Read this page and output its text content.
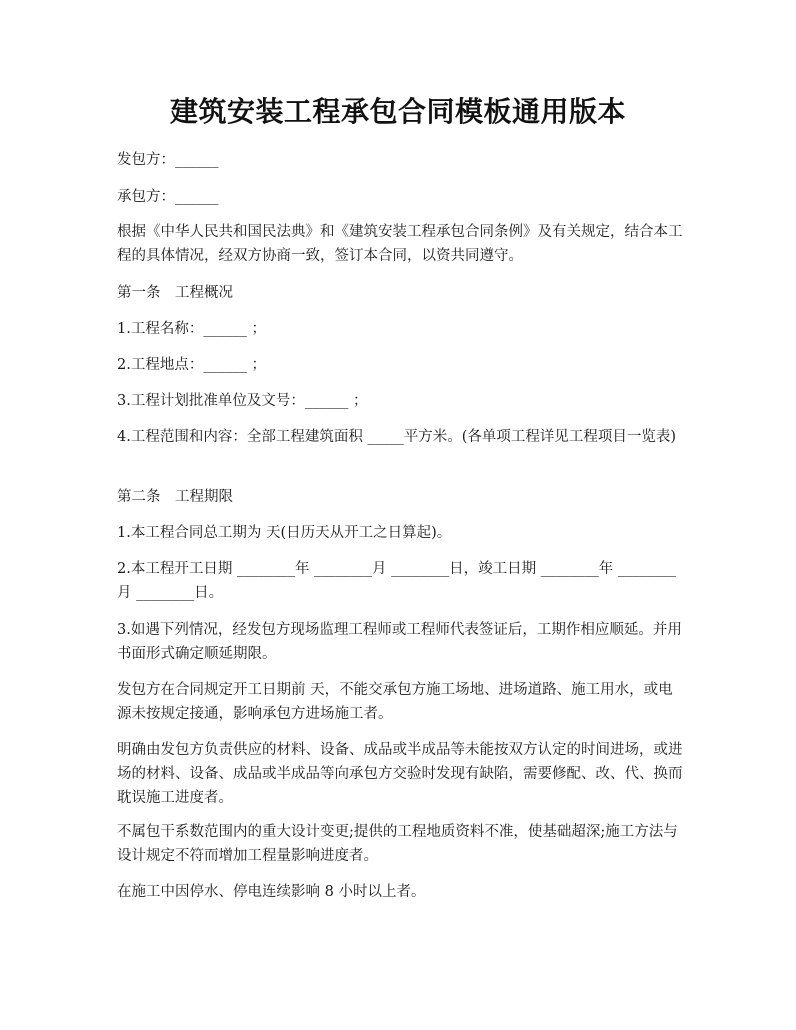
建筑安装工程承包合同模板通用版本
发包方：______
承包方：______
根据《中华人民共和国民法典》和《建筑安装工程承包合同条例》及有关规定，结合本工程的具体情况，经双方协商一致，签订本合同，以资共同遵守。
第一条　工程概况
1.工程名称：______ ；
2.工程地点：______ ；
3.工程计划批准单位及文号：______ ；
4.工程范围和内容：全部工程建筑面积 _____平方米。(各单项工程详见工程项目一览表)
第二条　工程期限
1.本工程合同总工期为 天(日历天从开工之日算起)。
2.本工程开工日期 ________年 ________月 ________日，竣工日期 ________年 ________月 ________日。
3.如遇下列情况，经发包方现场监理工程师或工程师代表签证后，工期作相应顺延。并用书面形式确定顺延期限。
发包方在合同规定开工日期前 天，不能交承包方施工场地、进场道路、施工用水，或电源未按规定接通，影响承包方进场施工者。
明确由发包方负责供应的材料、设备、成品或半成品等未能按双方认定的时间进场，或进场的材料、设备、成品或半成品等向承包方交验时发现有缺陷，需要修配、改、代、换而耽误施工进度者。
不属包干系数范围内的重大设计变更;提供的工程地质资料不准，使基础超深;施工方法与设计规定不符而增加工程量影响进度者。
在施工中因停水、停电连续影响 8 小时以上者。
